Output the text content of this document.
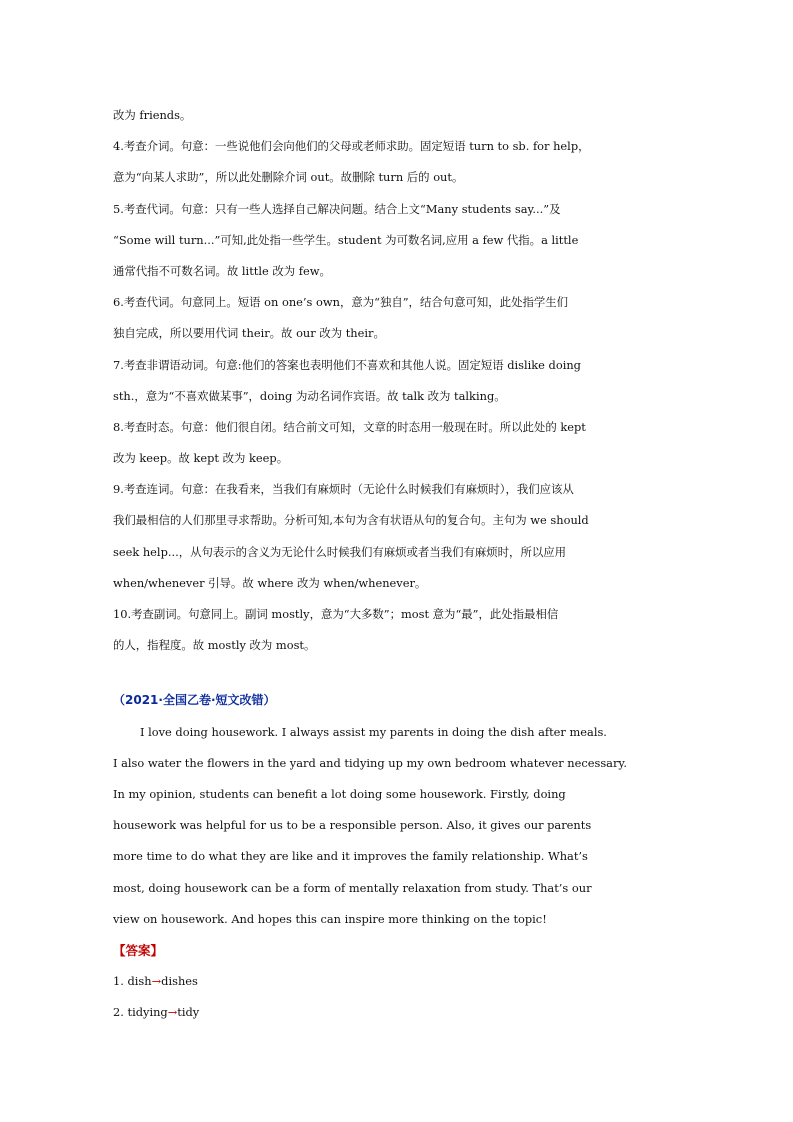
改为 friends。
4.考查介词。句意：一些说他们会向他们的父母或老师求助。固定短语 turn to sb. for help，
意为“向某人求助”，所以此处删除介词 out。故删除 turn 后的 out。
5.考查代词。句意：只有一些人选择自己解决问题。结合上文“Many students say...”及
“Some will turn...”可知,此处指一些学生。student 为可数名词,应用 a few 代指。a little
通常代指不可数名词。故 little 改为 few。
6.考查代词。句意同上。短语 on one’s own，意为“独自”，结合句意可知，此处指学生们
独自完成，所以要用代词 their。故 our 改为 their。
7.考查非谓语动词。句意:他们的答案也表明他们不喜欢和其他人说。固定短语 dislike doing
sth.，意为“不喜欢做某事”，doing 为动名词作宾语。故 talk 改为 talking。
8.考查时态。句意：他们很自闭。结合前文可知，文章的时态用一般现在时。所以此处的 kept
改为 keep。故 kept 改为 keep。
9.考查连词。句意：在我看来，当我们有麻烦时（无论什么时候我们有麻烦时），我们应该从
我们最相信的人们那里寻求帮助。分析可知,本句为含有状语从句的复合句。主句为 we should
seek help...，从句表示的含义为无论什么时候我们有麻烦或者当我们有麻烦时，所以应用
when/whenever 引导。故 where 改为 when/whenever。
10.考查副词。句意同上。副词 mostly，意为“大多数”；most 意为“最”，此处指最相信
的人，指程度。故 mostly 改为 most。
（2021·全国乙卷·短文改错）
I love doing housework. I always assist my parents in doing the dish after meals.
I also water the flowers in the yard and tidying up my own bedroom whatever necessary.
In my opinion, students can benefit a lot doing some housework. Firstly, doing
housework was helpful for us to be a responsible person. Also, it gives our parents
more time to do what they are like and it improves the family relationship. What’s
most, doing housework can be a form of mentally relaxation from study. That’s our
view on housework. And hopes this can inspire more thinking on the topic!
【答案】
1. dish→dishes
2. tidying→tidy
